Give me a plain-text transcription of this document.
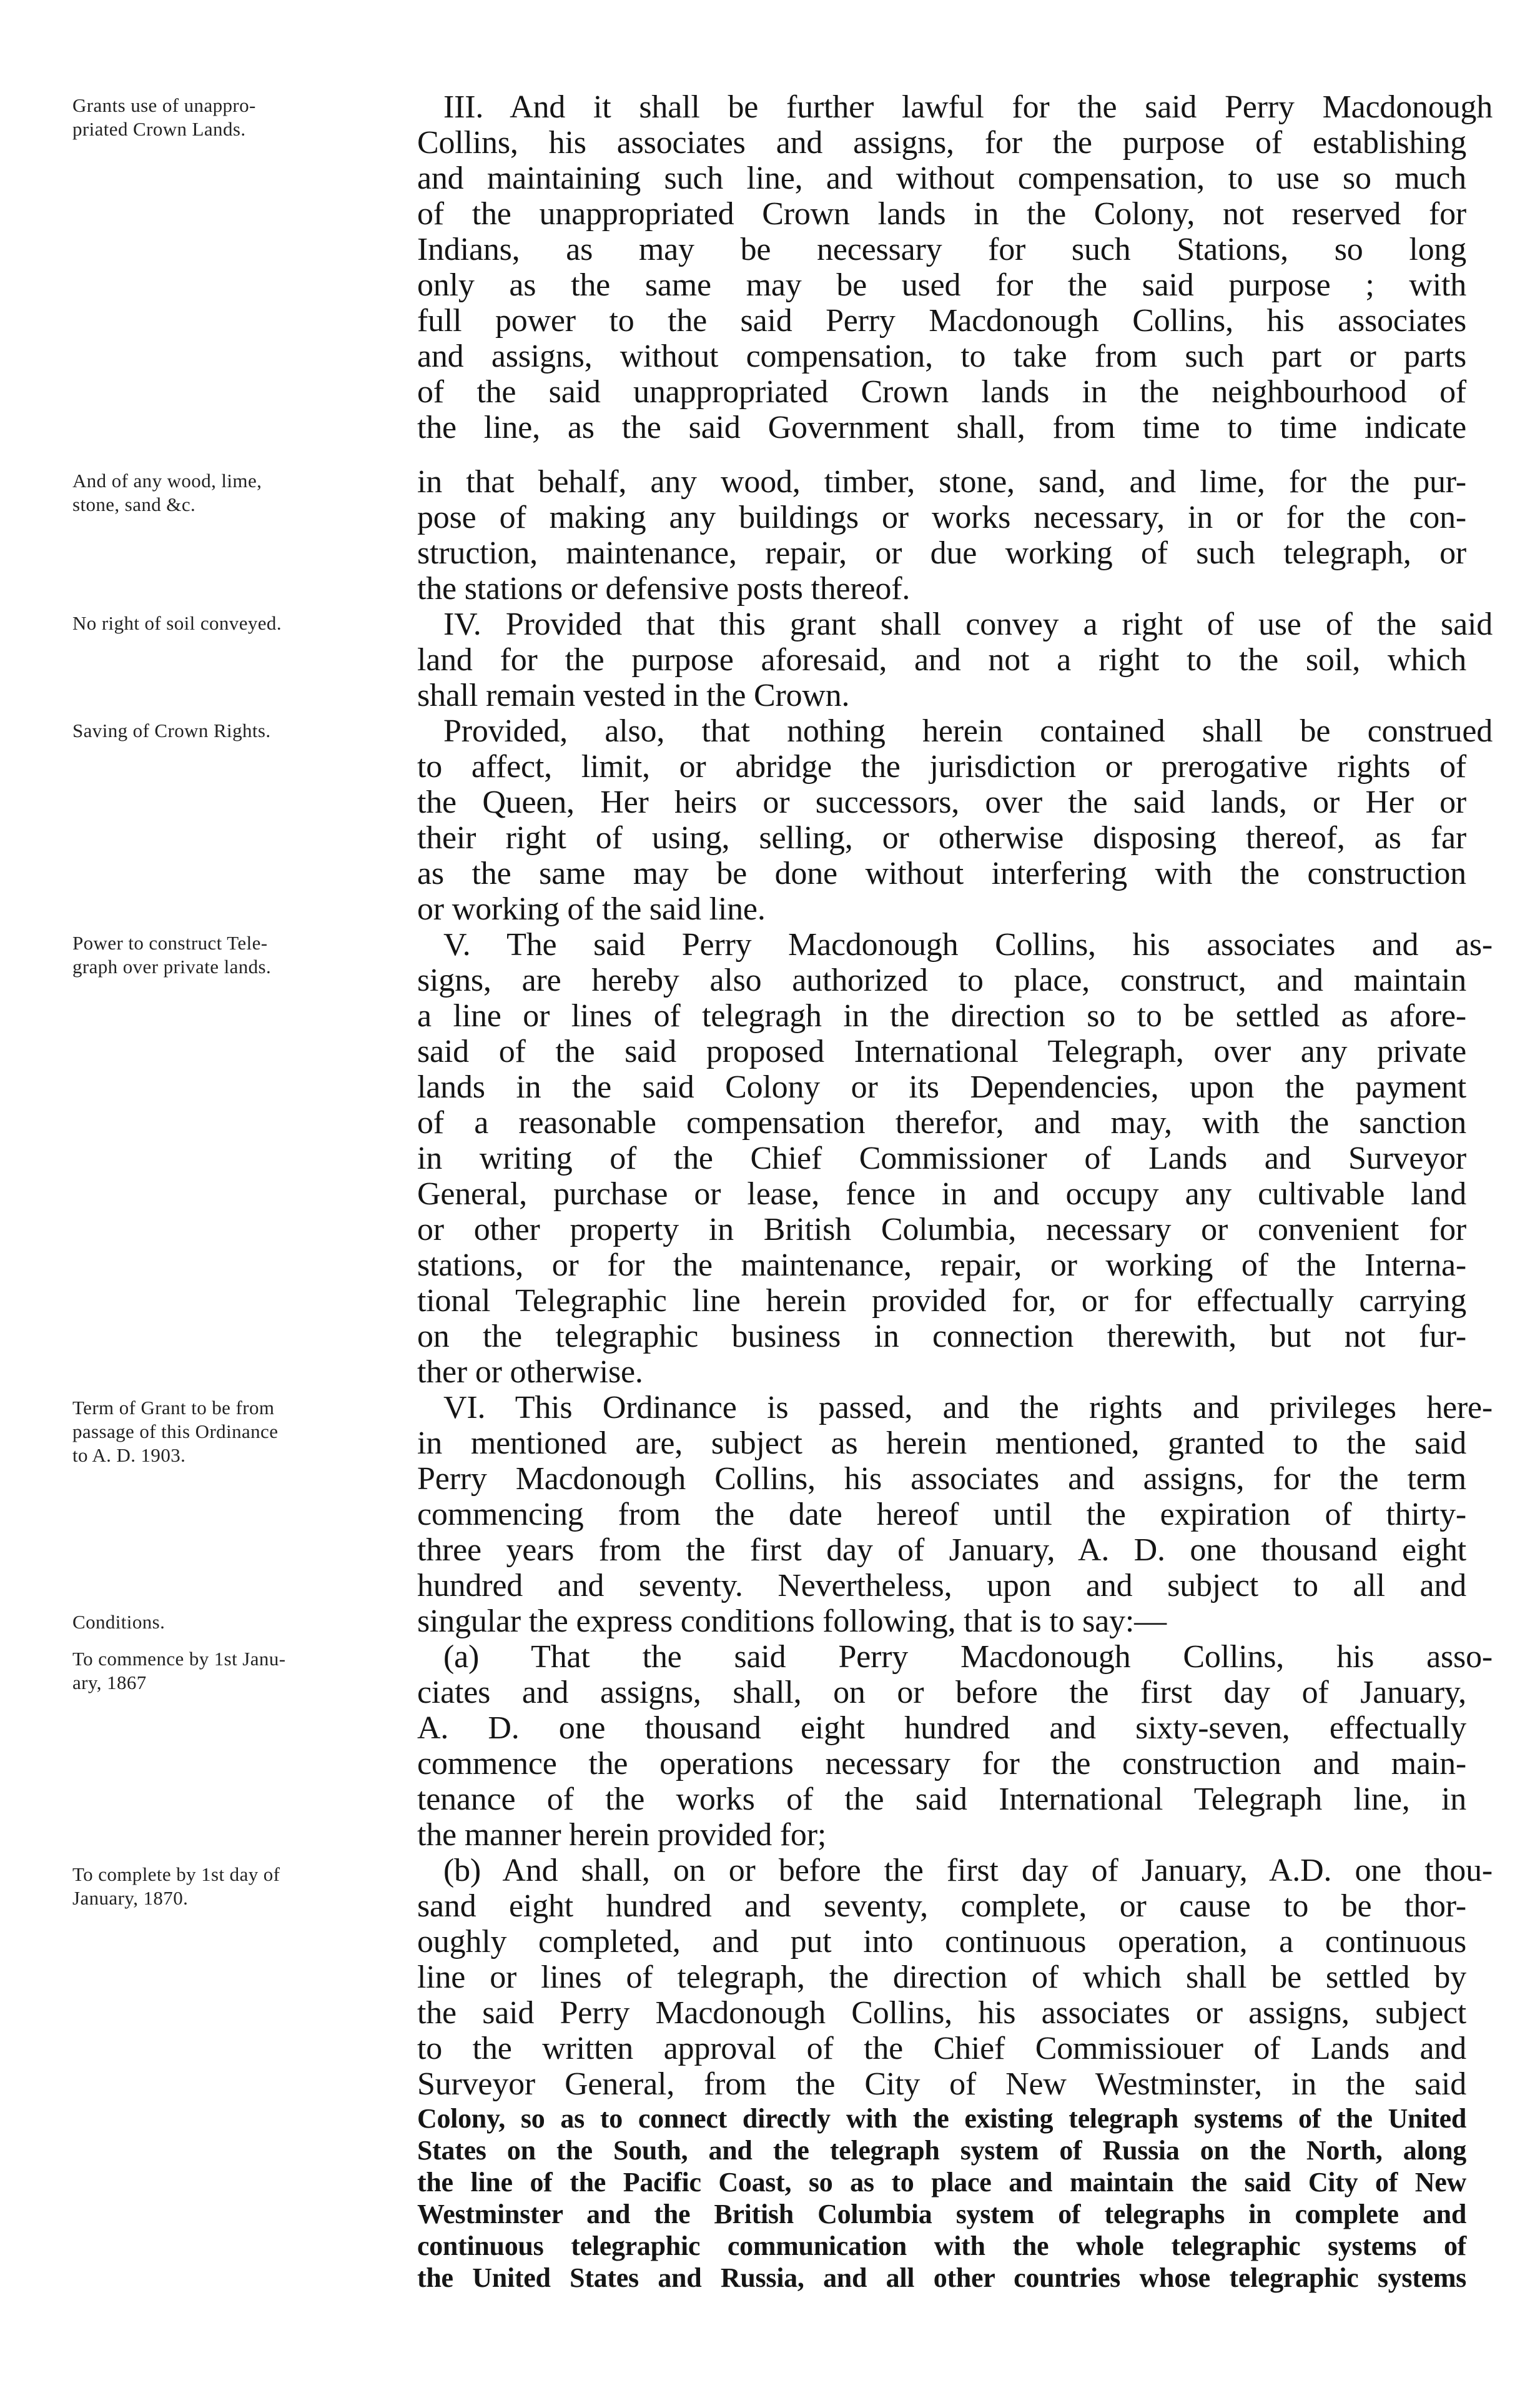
Grants use of unappro-
priated Crown Lands.
And of any wood, lime,
stone, sand &c.
No right of soil conveyed.
Saving of Crown Rights.
Power to construct Tele-
graph over private lands.
Term of Grant to be from
passage of this Ordinance
to A. D. 1903.
Conditions.
To commence by 1st Janu-
ary, 1867
To complete by 1st day of
January, 1870.
III. And it shall be further lawful for the said Perry Macdonough
Collins, his associates and assigns, for the purpose of establishing
and maintaining such line, and without compensation, to use so much
of the unappropriated Crown lands in the Colony, not reserved for
Indians, as may be necessary for such Stations, so long
only as the same may be used for the said purpose ; with
full power to the said Perry Macdonough Collins, his associates
and assigns, without compensation, to take from such part or parts
of the said unappropriated Crown lands in the neighbourhood of
the line, as the said Government shall, from time to time indicate
in that behalf, any wood, timber, stone, sand, and lime, for the pur-
pose of making any buildings or works necessary, in or for the con-
struction, maintenance, repair, or due working of such telegraph, or
the stations or defensive posts thereof.
IV. Provided that this grant shall convey a right of use of the said
land for the purpose aforesaid, and not a right to the soil, which
shall remain vested in the Crown.
Provided, also, that nothing herein contained shall be construed
to affect, limit, or abridge the jurisdiction or prerogative rights of
the Queen, Her heirs or successors, over the said lands, or Her or
their right of using, selling, or otherwise disposing thereof, as far
as the same may be done without interfering with the construction
or working of the said line.
V. The said Perry Macdonough Collins, his associates and as-
signs, are hereby also authorized to place, construct, and maintain
a line or lines of telegragh in the direction so to be settled as afore-
said of the said proposed International Telegraph, over any private
lands in the said Colony or its Dependencies, upon the payment
of a reasonable compensation therefor, and may, with the sanction
in writing of the Chief Commissioner of Lands and Surveyor
General, purchase or lease, fence in and occupy any cultivable land
or other property in British Columbia, necessary or convenient for
stations, or for the maintenance, repair, or working of the Interna-
tional Telegraphic line herein provided for, or for effectually carrying
on the telegraphic business in connection therewith, but not fur-
ther or otherwise.
VI. This Ordinance is passed, and the rights and privileges here-
in mentioned are, subject as herein mentioned, granted to the said
Perry Macdonough Collins, his associates and assigns, for the term
commencing from the date hereof until the expiration of thirty-
three years from the first day of January, A. D. one thousand eight
hundred and seventy. Nevertheless, upon and subject to all and
singular the express conditions following, that is to say:—
(a) That the said Perry Macdonough Collins, his asso-
ciates and assigns, shall, on or before the first day of January,
A. D. one thousand eight hundred and sixty-seven, effectually
commence the operations necessary for the construction and main-
tenance of the works of the said International Telegraph line, in
the manner herein provided for;
(b) And shall, on or before the first day of January, A.D. one thou-
sand eight hundred and seventy, complete, or cause to be thor-
oughly completed, and put into continuous operation, a continuous
line or lines of telegraph, the direction of which shall be settled by
the said Perry Macdonough Collins, his associates or assigns, subject
to the written approval of the Chief Commissiouer of Lands and
Surveyor General, from the City of New Westminster, in the said
Colony, so as to connect directly with the existing telegraph systems of the United
States on the South, and the telegraph system of Russia on the North, along
the line of the Pacific Coast, so as to place and maintain the said City of New
Westminster and the British Columbia system of telegraphs in complete and
continuous telegraphic communication with the whole telegraphic systems of
the United States and Russia, and all other countries whose telegraphic systems
